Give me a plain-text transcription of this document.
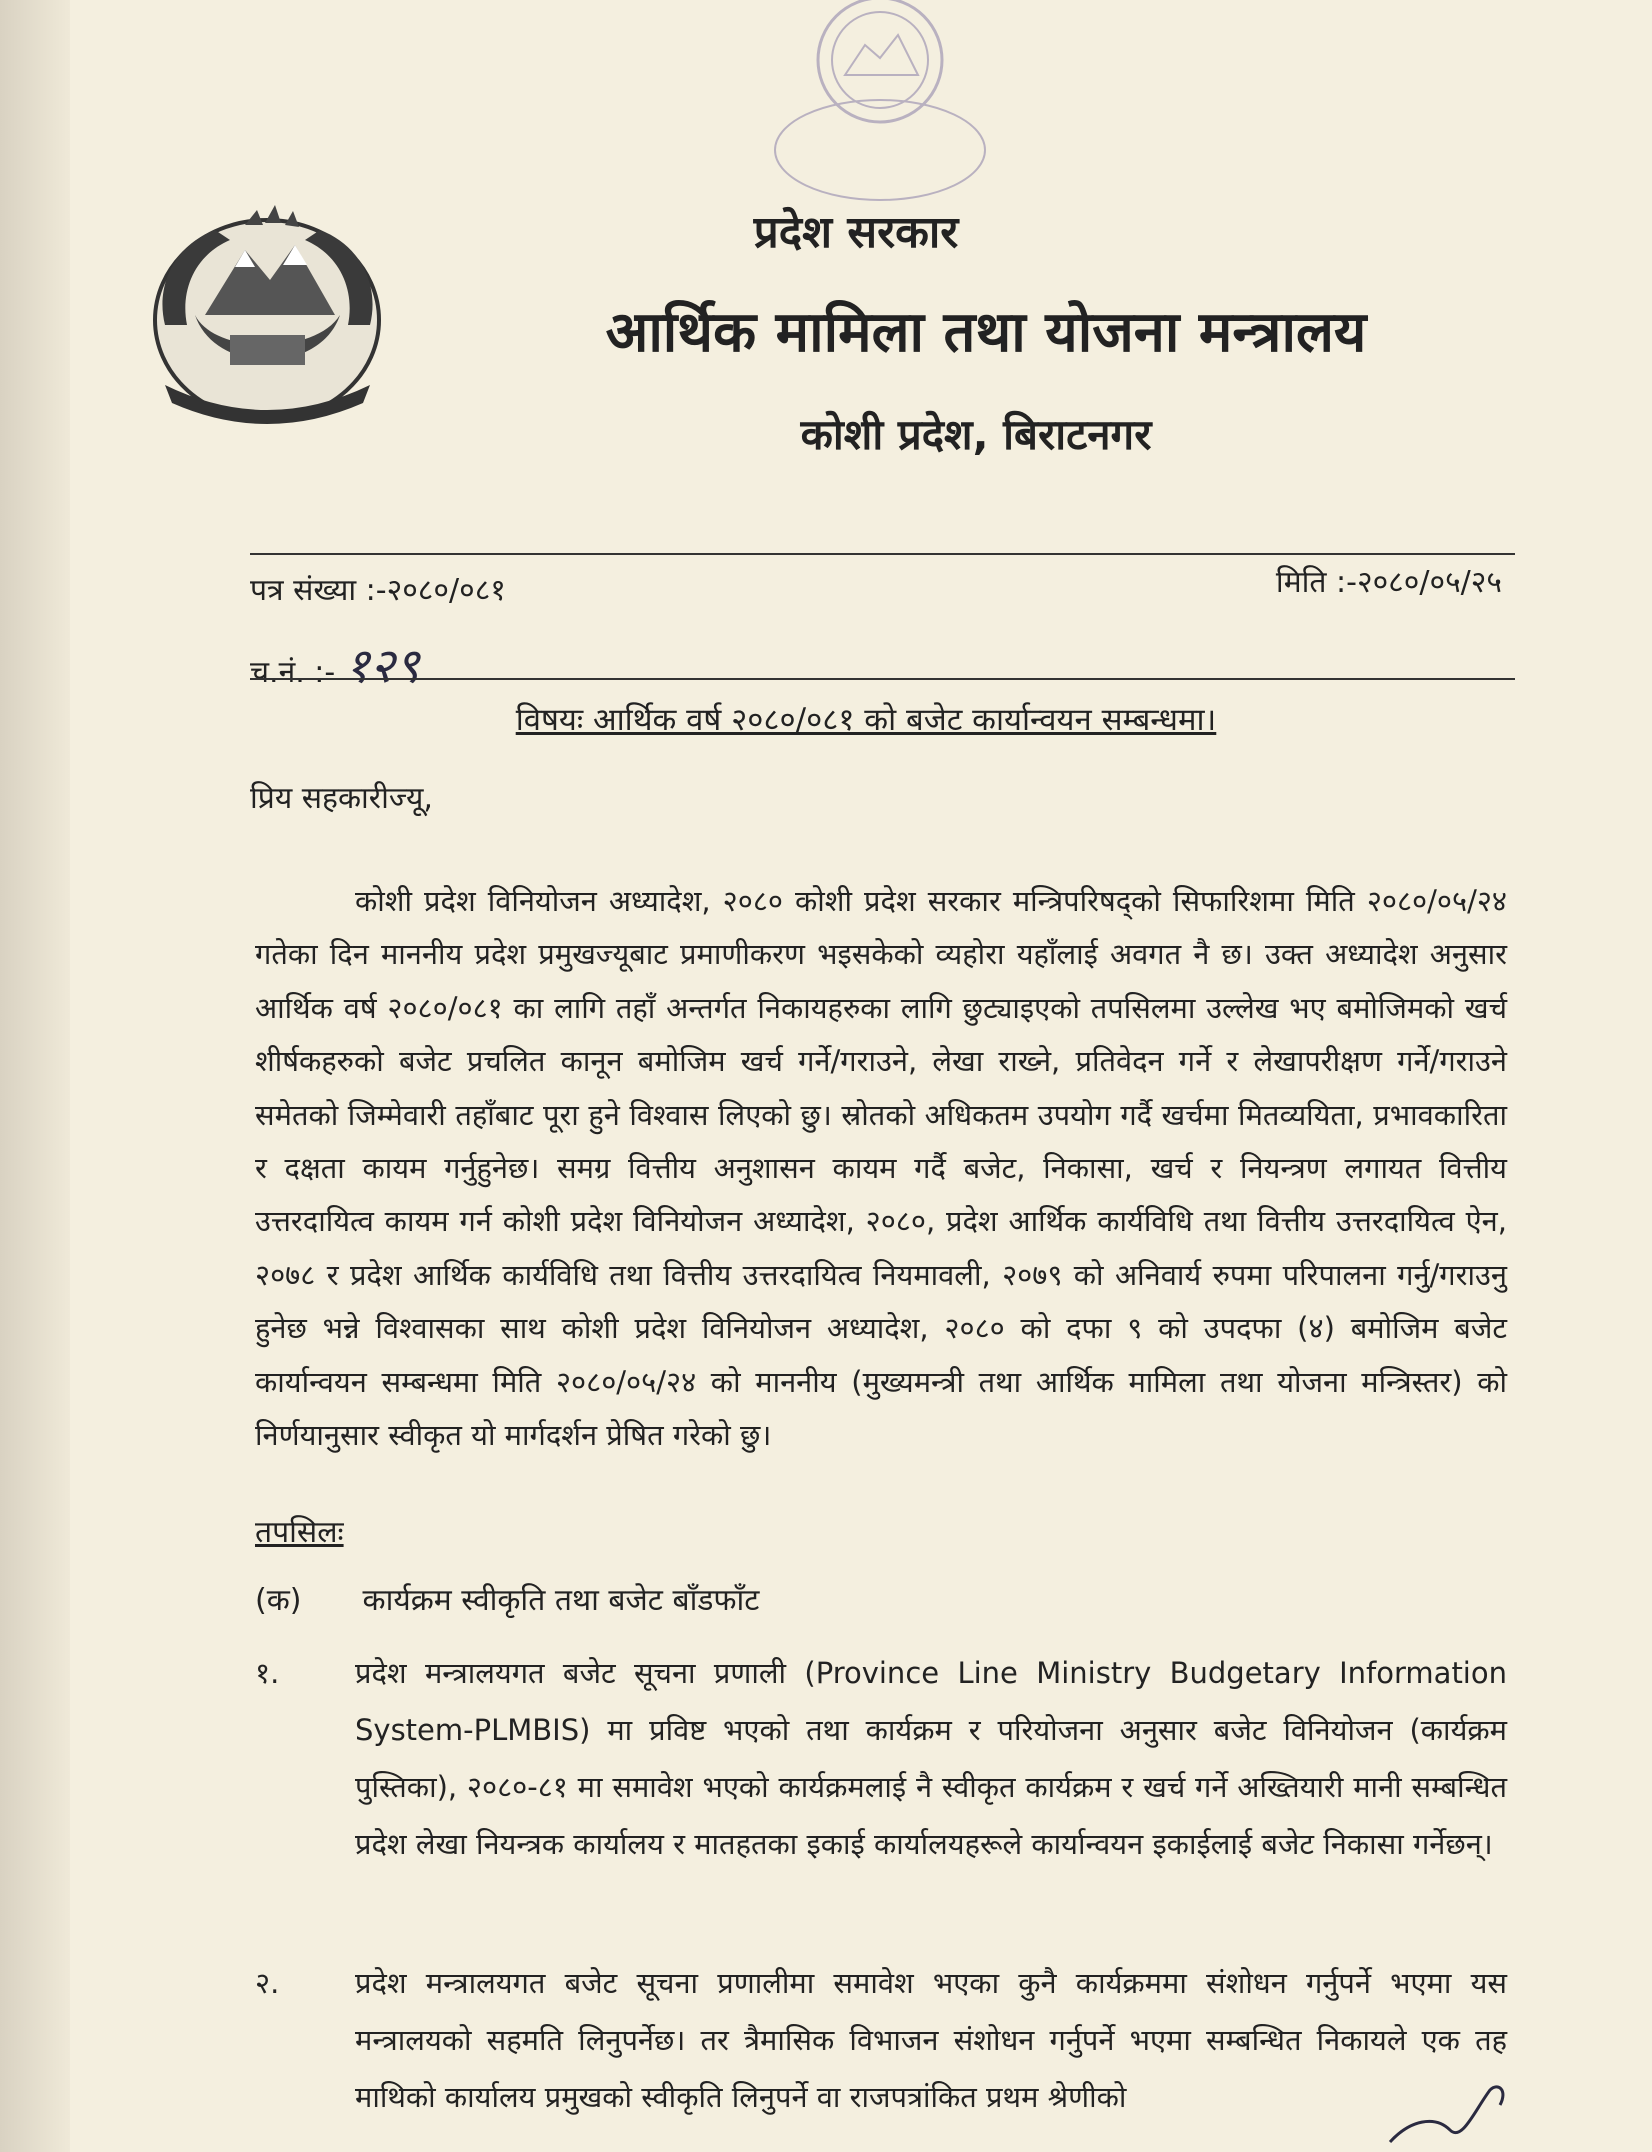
प्रदेश सरकार
आर्थिक मामिला तथा योजना मन्त्रालय
कोशी प्रदेश, बिराटनगर
पत्र संख्या :-२०८०/०८१	मिति :-२०८०/०५/२५
च.नं. :- १२९
विषयः आर्थिक वर्ष २०८०/०८१ को बजेट कार्यान्वयन सम्बन्धमा।
प्रिय सहकारीज्यू,

कोशी प्रदेश विनियोजन अध्यादेश, २०८० कोशी प्रदेश सरकार मन्त्रिपरिषद्को सिफारिशमा मिति २०८०/०५/२४ गतेका दिन माननीय प्रदेश प्रमुखज्यूबाट प्रमाणीकरण भइसकेको व्यहोरा यहाँलाई अवगत नै छ। उक्त अध्यादेश अनुसार आर्थिक वर्ष २०८०/०८१ का लागि तहाँ अन्तर्गत निकायहरुका लागि छुट्याइएको तपसिलमा उल्लेख भए बमोजिमको खर्च शीर्षकहरुको बजेट प्रचलित कानून बमोजिम खर्च गर्ने/गराउने, लेखा राख्ने, प्रतिवेदन गर्ने र लेखापरीक्षण गर्ने/गराउने समेतको जिम्मेवारी तहाँबाट पूरा हुने विश्वास लिएको छु। स्रोतको अधिकतम उपयोग गर्दै खर्चमा मितव्ययिता, प्रभावकारिता र दक्षता कायम गर्नुहुनेछ। समग्र वित्तीय अनुशासन कायम गर्दै बजेट, निकासा, खर्च र नियन्त्रण लगायत वित्तीय उत्तरदायित्व कायम गर्न कोशी प्रदेश विनियोजन अध्यादेश, २०८०, प्रदेश आर्थिक कार्यविधि तथा वित्तीय उत्तरदायित्व ऐन, २०७८ र प्रदेश आर्थिक कार्यविधि तथा वित्तीय उत्तरदायित्व नियमावली, २०७९ को अनिवार्य रुपमा परिपालना गर्नु/गराउनु हुनेछ भन्ने विश्वासका साथ कोशी प्रदेश विनियोजन अध्यादेश, २०८० को दफा ९ को उपदफा (४) बमोजिम बजेट कार्यान्वयन सम्बन्धमा मिति २०८०/०५/२४ को माननीय (मुख्यमन्त्री तथा आर्थिक मामिला तथा योजना मन्त्रिस्तर) को निर्णयानुसार स्वीकृत यो मार्गदर्शन प्रेषित गरेको छु।

तपसिलः
(क) कार्यक्रम स्वीकृति तथा बजेट बाँडफाँट
१.	प्रदेश मन्त्रालयगत बजेट सूचना प्रणाली (Province Line Ministry Budgetary Information System-PLMBIS) मा प्रविष्ट भएको तथा कार्यक्रम र परियोजना अनुसार बजेट विनियोजन (कार्यक्रम पुस्तिका), २०८०-८१ मा समावेश भएको कार्यक्रमलाई नै स्वीकृत कार्यक्रम र खर्च गर्ने अख्तियारी मानी सम्बन्धित प्रदेश लेखा नियन्त्रक कार्यालय र मातहतका इकाई कार्यालयहरूले कार्यान्वयन इकाईलाई बजेट निकासा गर्नेछन्।

२.	प्रदेश मन्त्रालयगत बजेट सूचना प्रणालीमा समावेश भएका कुनै कार्यक्रममा संशोधन गर्नुपर्ने भएमा यस मन्त्रालयको सहमति लिनुपर्नेछ। तर त्रैमासिक विभाजन संशोधन गर्नुपर्ने भएमा सम्बन्धित निकायले एक तह माथिको कार्यालय प्रमुखको स्वीकृति लिनुपर्ने वा राजपत्रांकित प्रथम श्रेणीको
